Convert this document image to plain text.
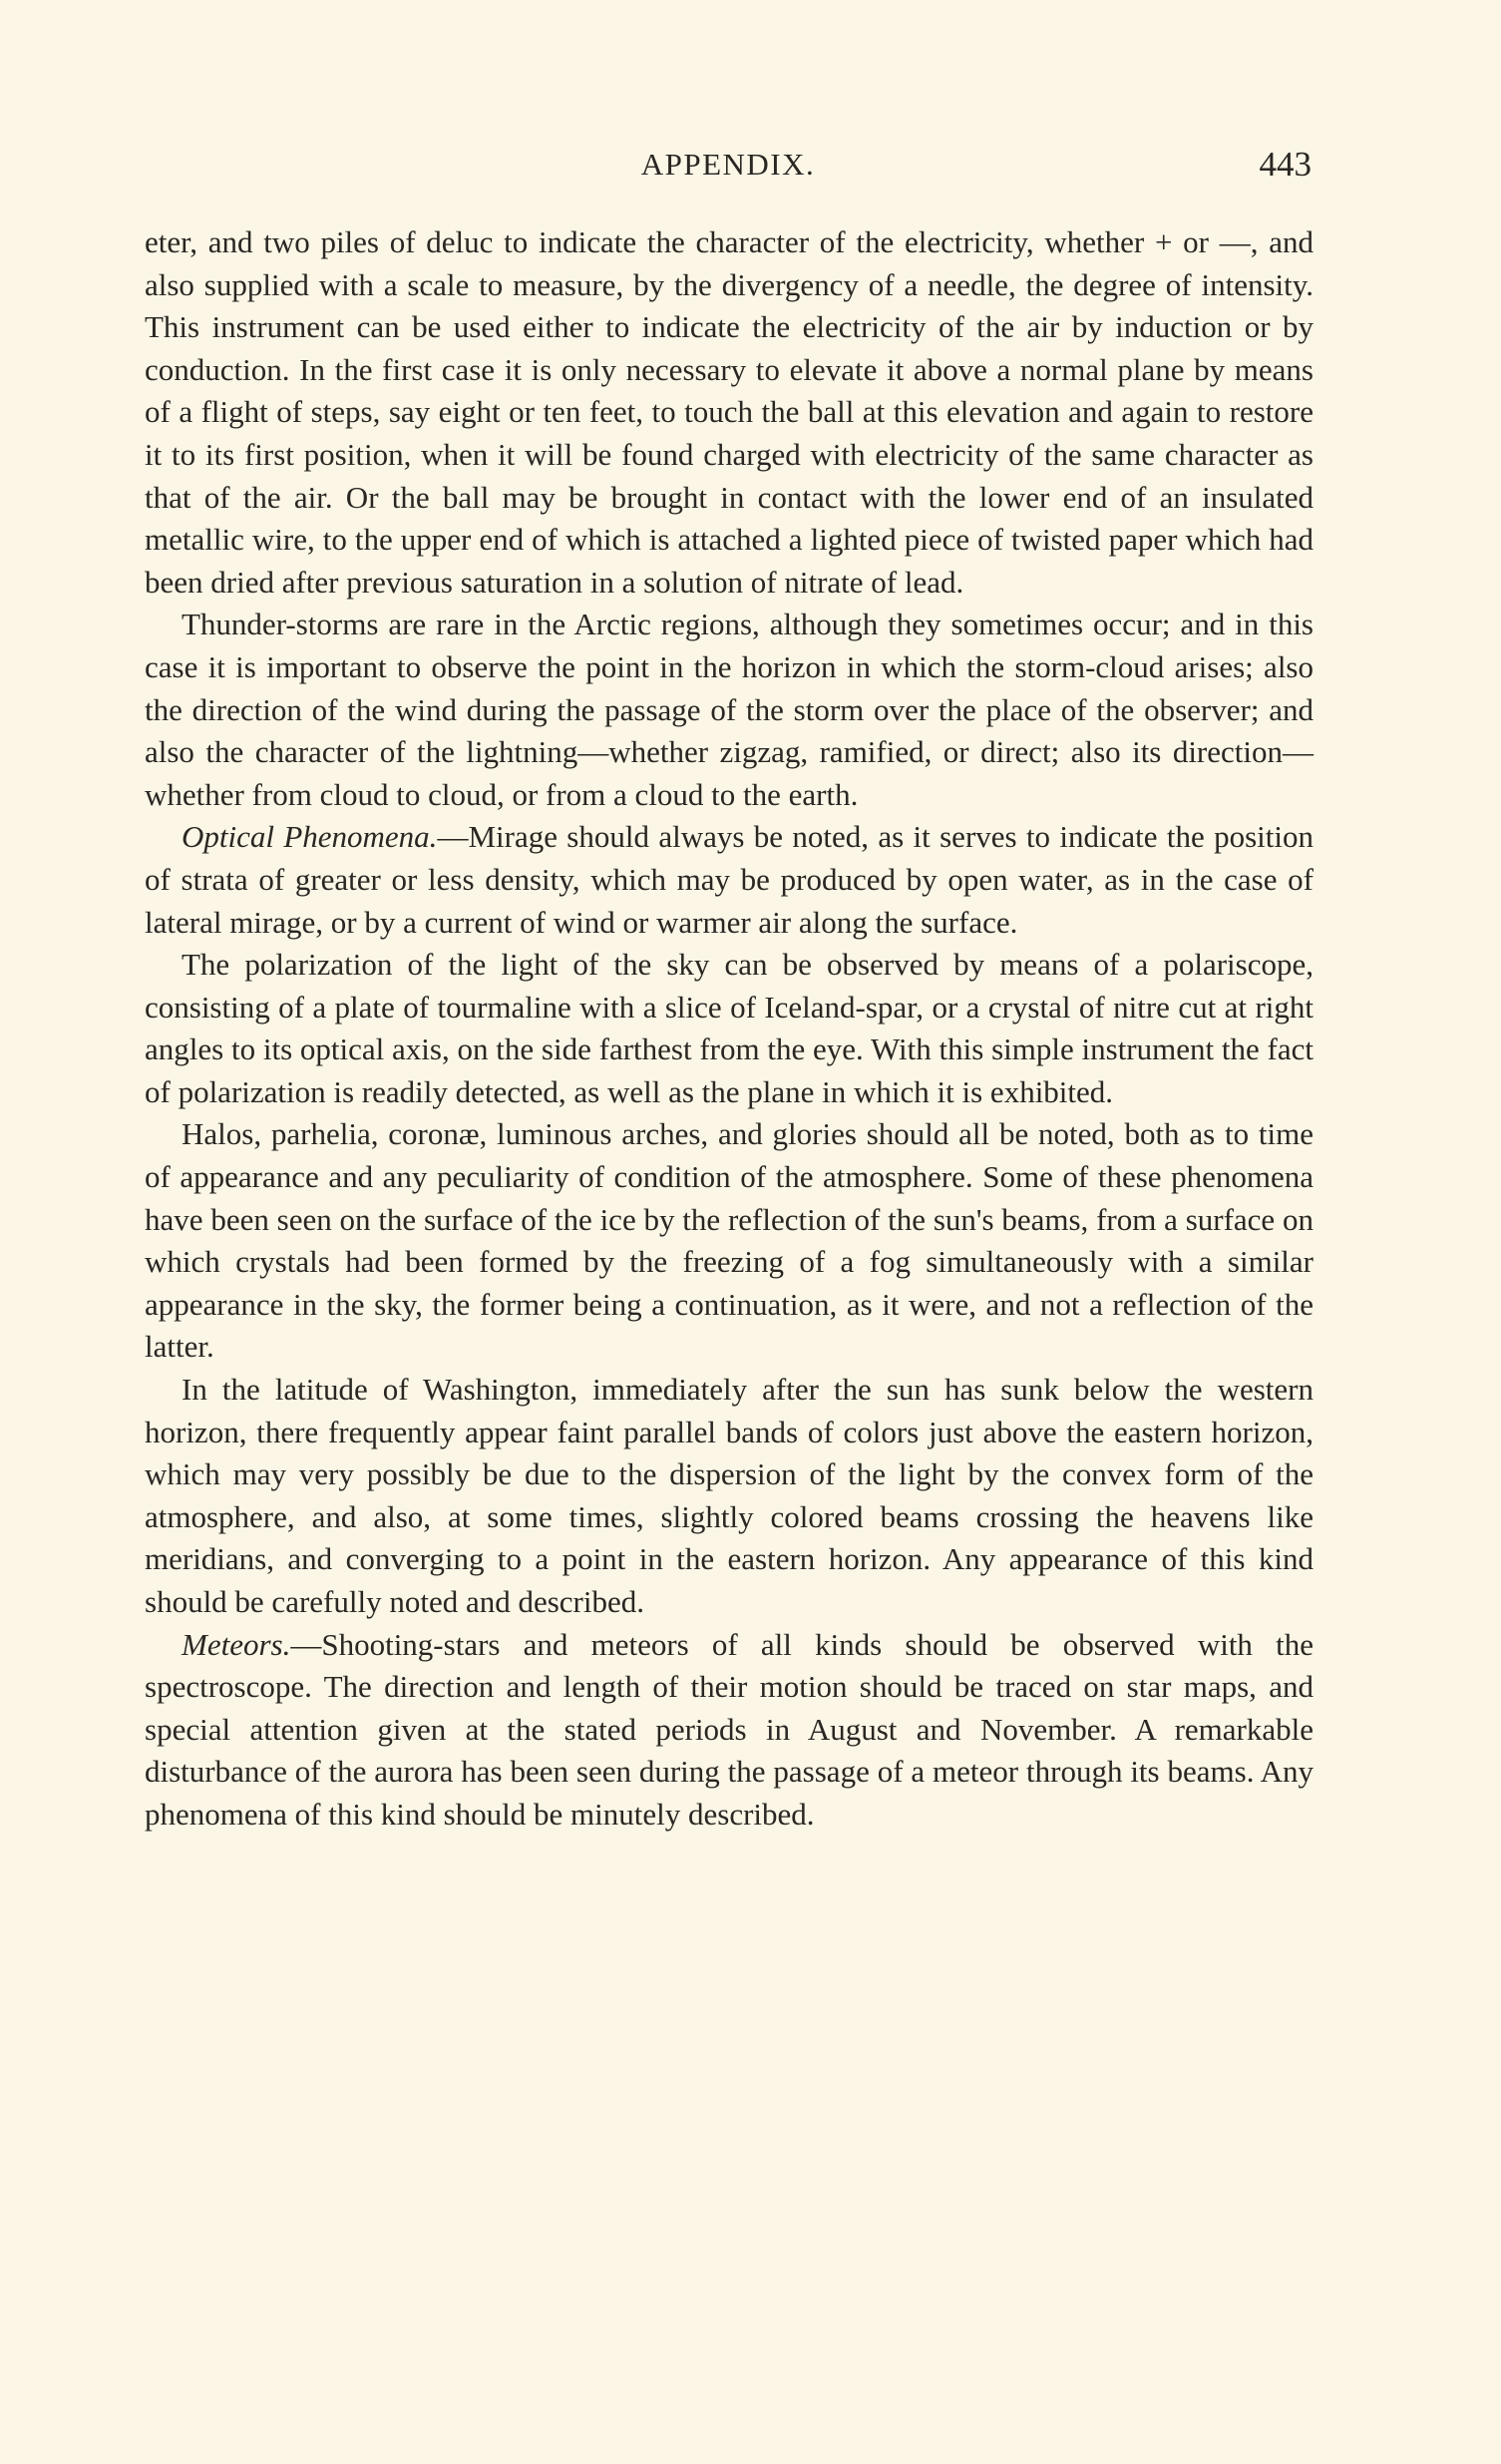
APPENDIX.	443

eter, and two piles of deluc to indicate the character of the electricity, whether + or —, and also supplied with a scale to measure, by the divergency of a needle, the degree of intensity. This instrument can be used either to indicate the electricity of the air by induction or by conduction. In the first case it is only necessary to elevate it above a normal plane by means of a flight of steps, say eight or ten feet, to touch the ball at this elevation and again to restore it to its first position, when it will be found charged with electricity of the same character as that of the air. Or the ball may be brought in contact with the lower end of an insulated metallic wire, to the upper end of which is attached a lighted piece of twisted paper which had been dried after previous saturation in a solution of nitrate of lead.

Thunder-storms are rare in the Arctic regions, although they sometimes occur; and in this case it is important to observe the point in the horizon in which the storm-cloud arises; also the direction of the wind during the passage of the storm over the place of the observer; and also the character of the lightning—whether zigzag, ramified, or direct; also its direction—whether from cloud to cloud, or from a cloud to the earth.

Optical Phenomena.—Mirage should always be noted, as it serves to indicate the position of strata of greater or less density, which may be produced by open water, as in the case of lateral mirage, or by a current of wind or warmer air along the surface.

The polarization of the light of the sky can be observed by means of a polariscope, consisting of a plate of tourmaline with a slice of Iceland-spar, or a crystal of nitre cut at right angles to its optical axis, on the side farthest from the eye. With this simple instrument the fact of polarization is readily detected, as well as the plane in which it is exhibited.

Halos, parhelia, coronæ, luminous arches, and glories should all be noted, both as to time of appearance and any peculiarity of condition of the atmosphere. Some of these phenomena have been seen on the surface of the ice by the reflection of the sun's beams, from a surface on which crystals had been formed by the freezing of a fog simultaneously with a similar appearance in the sky, the former being a continuation, as it were, and not a reflection of the latter.

In the latitude of Washington, immediately after the sun has sunk below the western horizon, there frequently appear faint parallel bands of colors just above the eastern horizon, which may very possibly be due to the dispersion of the light by the convex form of the atmosphere, and also, at some times, slightly colored beams crossing the heavens like meridians, and converging to a point in the eastern horizon. Any appearance of this kind should be carefully noted and described.

Meteors.—Shooting-stars and meteors of all kinds should be observed with the spectroscope. The direction and length of their motion should be traced on star maps, and special attention given at the stated periods in August and November. A remarkable disturbance of the aurora has been seen during the passage of a meteor through its beams. Any phenomena of this kind should be minutely described.
